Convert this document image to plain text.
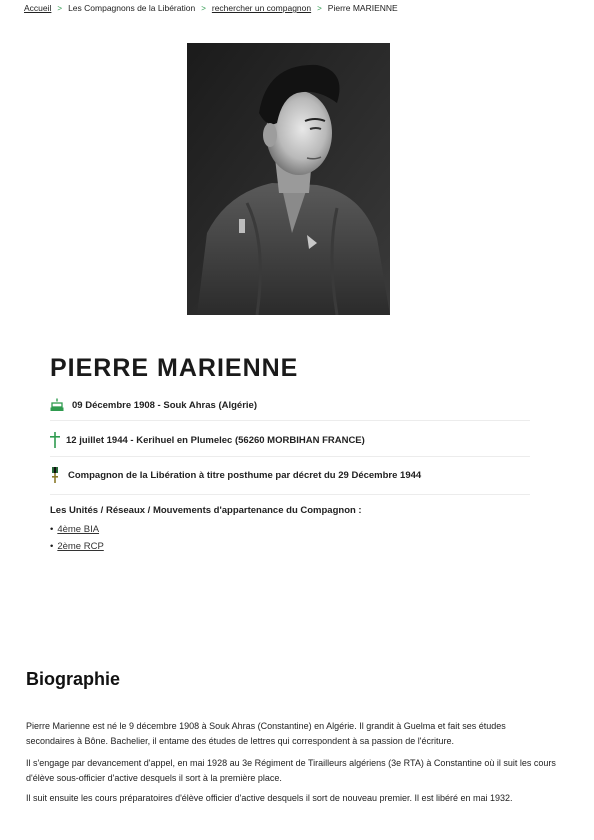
Accueil > Les Compagnons de la Libération > rechercher un compagnon > Pierre MARIENNE
PIERRE MARIENNE
09 Décembre 1908 - Souk Ahras (Algérie)
12 juillet 1944 - Kerihuel en Plumelec (56260 MORBIHAN FRANCE)
Compagnon de la Libération à titre posthume par décret du 29 Décembre 1944
Les Unités / Réseaux / Mouvements d'appartenance du Compagnon :
• 4ème BIA
• 2ème RCP
Biographie

Pierre Marienne est né le 9 décembre 1908 à Souk Ahras (Constantine) en Algérie. Il grandit à Guelma et fait ses études secondaires à Bône. Bachelier, il entame des études de lettres qui correspondent à sa passion de l'écriture.

Il s'engage par devancement d'appel, en mai 1928 au 3e Régiment de Tirailleurs algériens (3e RTA) à Constantine où il suit les cours d'élève sous-officier d'active desquels il sort à la première place.

Il suit ensuite les cours préparatoires d'élève officier d'active desquels il sort de nouveau premier. Il est libéré en mai 1932.
